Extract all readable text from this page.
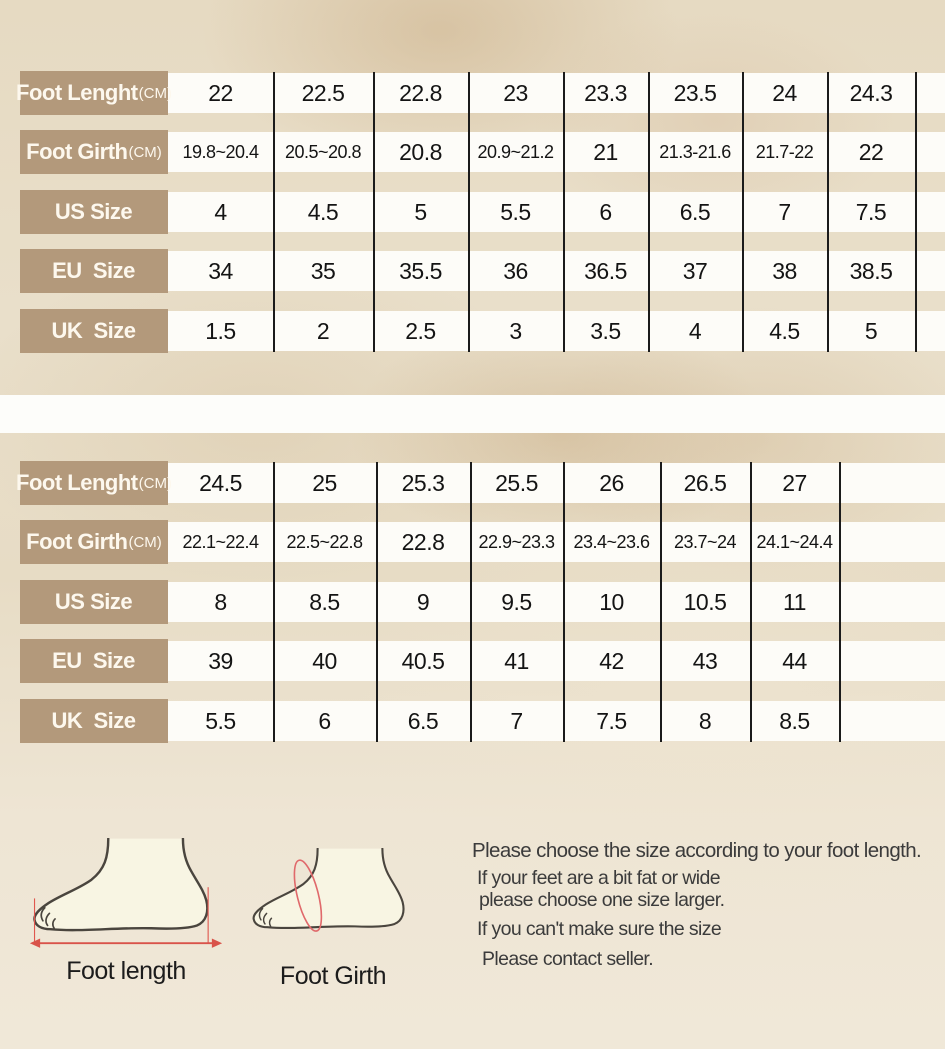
Foot Lenght (CM)	22	22.5	22.8	23	23.3	23.5	24	24.3
Foot Girth (CM)	19.8~20.4	20.5~20.8	20.8	20.9~21.2	21	21.3-21.6	21.7-22	22
US Size	4	4.5	5	5.5	6	6.5	7	7.5
EU  Size	34	35	35.5	36	36.5	37	38	38.5
UK  Size	1.5	2	2.5	3	3.5	4	4.5	5
Foot Lenght (CM)	24.5	25	25.3	25.5	26	26.5	27
Foot Girth (CM)	22.1~22.4	22.5~22.8	22.8	22.9~23.3	23.4~23.6	23.7~24	24.1~24.4
US Size	8	8.5	9	9.5	10	10.5	11
EU  Size	39	40	40.5	41	42	43	44
UK  Size	5.5	6	6.5	7	7.5	8	8.5
Foot length	Foot Girth
Please choose the size according to your foot length.
If your feet are a bit fat or wide
please choose one size larger.
If you can't make sure the size
Please contact seller.
